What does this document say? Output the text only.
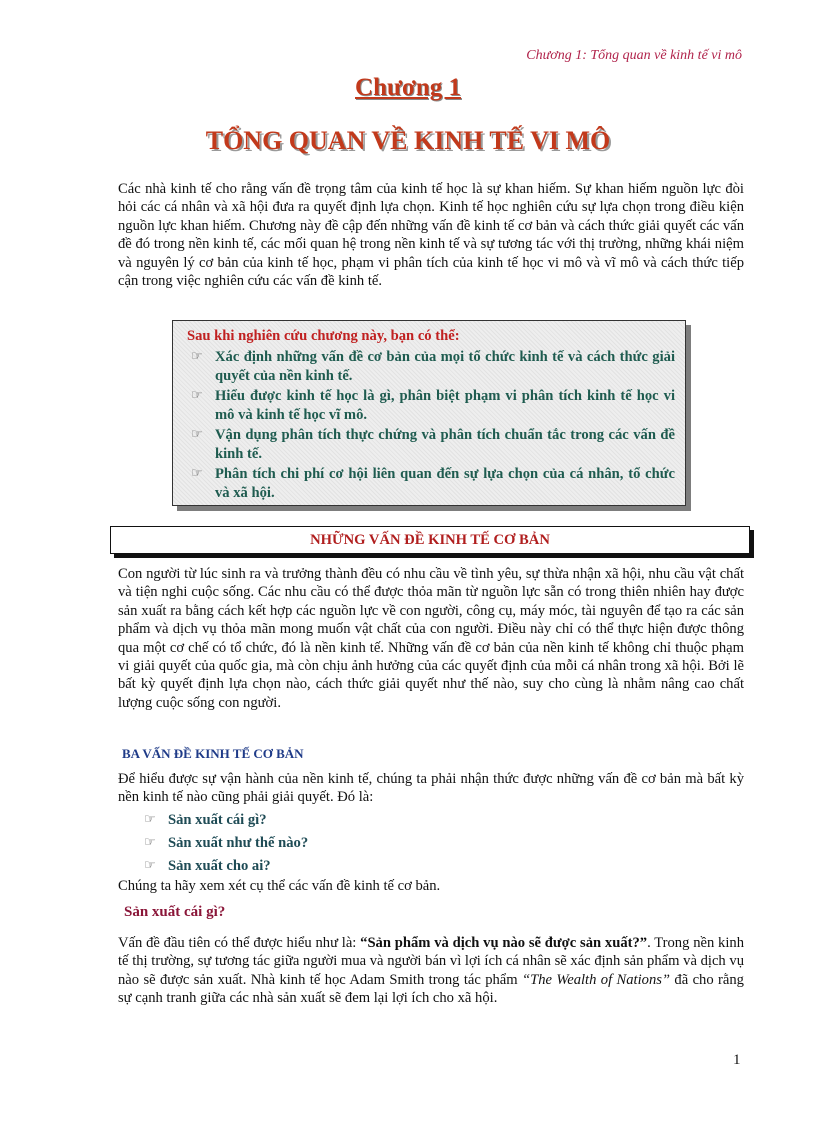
Chương 1: Tổng quan về kinh tế vi mô
Chương 1
TỔNG QUAN VỀ KINH TẾ VI MÔ
Các nhà kinh tế cho rằng vấn đề trọng tâm của kinh tế học là sự khan hiếm. Sự khan hiếm nguồn lực đòi hỏi các cá nhân và xã hội đưa ra quyết định lựa chọn. Kinh tế học nghiên cứu sự lựa chọn trong điều kiện nguồn lực khan hiếm. Chương này đề cập đến những vấn đề kinh tế cơ bản và cách thức giải quyết các vấn đề đó trong nền kinh tế, các mối quan hệ trong nền kinh tế và sự tương tác với thị trường, những khái niệm và nguyên lý cơ bản của kinh tế học, phạm vi phân tích của kinh tế học vi mô và vĩ mô và cách thức tiếp cận trong việc nghiên cứu các vấn đề kinh tế.
Sau khi nghiên cứu chương này, bạn có thể:
☞ Xác định những vấn đề cơ bản của mọi tổ chức kinh tế và cách thức giải quyết của nền kinh tế.
☞ Hiểu được kinh tế học là gì, phân biệt phạm vi phân tích kinh tế học vi mô và kinh tế học vĩ mô.
☞ Vận dụng phân tích thực chứng và phân tích chuẩn tắc trong các vấn đề kinh tế.
☞ Phân tích chi phí cơ hội liên quan đến sự lựa chọn của cá nhân, tổ chức và xã hội.
NHỮNG VẤN ĐỀ KINH TẾ CƠ BẢN
Con người từ lúc sinh ra và trưởng thành đều có nhu cầu về tình yêu, sự thừa nhận xã hội, nhu cầu vật chất và tiện nghi cuộc sống. Các nhu cầu có thể được thỏa mãn từ nguồn lực sẵn có trong thiên nhiên hay được sản xuất ra bằng cách kết hợp các nguồn lực về con người, công cụ, máy móc, tài nguyên để tạo ra các sản phẩm và dịch vụ thỏa mãn mong muốn vật chất của con người. Điều này chỉ có thể thực hiện được thông qua một cơ chế có tổ chức, đó là nền kinh tế. Những vấn đề cơ bản của nền kinh tế không chỉ thuộc phạm vi giải quyết của quốc gia, mà còn chịu ảnh hưởng của các quyết định của mỗi cá nhân trong xã hội. Bởi lẽ bất kỳ quyết định lựa chọn nào, cách thức giải quyết như thế nào, suy cho cùng là nhằm nâng cao chất lượng cuộc sống con người.
BA VẤN ĐỀ KINH TẾ CƠ BẢN
Để hiểu được sự vận hành của nền kinh tế, chúng ta phải nhận thức được những vấn đề cơ bản mà bất kỳ nền kinh tế nào cũng phải giải quyết. Đó là:
☞ Sản xuất cái gì?
☞ Sản xuất như thế nào?
☞ Sản xuất cho ai?
Chúng ta hãy xem xét cụ thể các vấn đề kinh tế cơ bản.
Sản xuất cái gì?
Vấn đề đầu tiên có thể được hiểu như là: “Sản phẩm và dịch vụ nào sẽ được sản xuất?”. Trong nền kinh tế thị trường, sự tương tác giữa người mua và người bán vì lợi ích cá nhân sẽ xác định sản phẩm và dịch vụ nào sẽ được sản xuất. Nhà kinh tế học Adam Smith trong tác phẩm “The Wealth of Nations” đã cho rằng sự cạnh tranh giữa các nhà sản xuất sẽ đem lại lợi ích cho xã hội.
1
